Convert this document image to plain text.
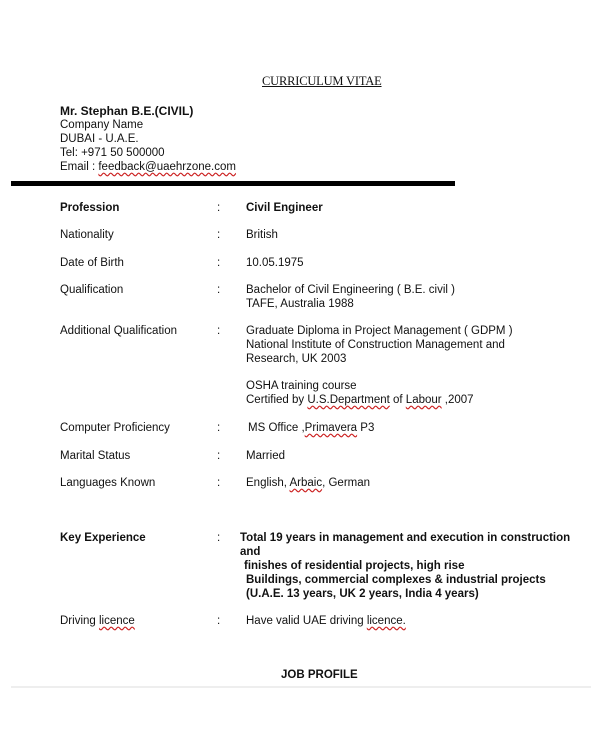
CURRICULUM VITAE
Mr. Stephan B.E.(CIVIL)
Company Name
DUBAI - U.A.E.
Tel: +971 50 500000
Email : feedback@uaehrzone.com
Profession	: Civil Engineer
Nationality	: British
Date of Birth	: 10.05.1975
Qualification	: Bachelor of Civil Engineering ( B.E. civil )
TAFE, Australia 1988
Additional Qualification	: Graduate Diploma in Project Management ( GDPM )
National Institute of Construction Management and
Research, UK 2003
OSHA training course
Certified by U.S.Department of Labour ,2007
Computer Proficiency	: MS Office ,Primavera P3
Marital Status	: Married
Languages Known	: English, Arbaic, German
Key Experience	: Total 19 years in management and execution in construction and
finishes of residential projects, high rise
Buildings, commercial complexes & industrial projects
(U.A.E. 13 years, UK 2 years, India 4 years)
Driving licence	: Have valid UAE driving licence.
JOB PROFILE
